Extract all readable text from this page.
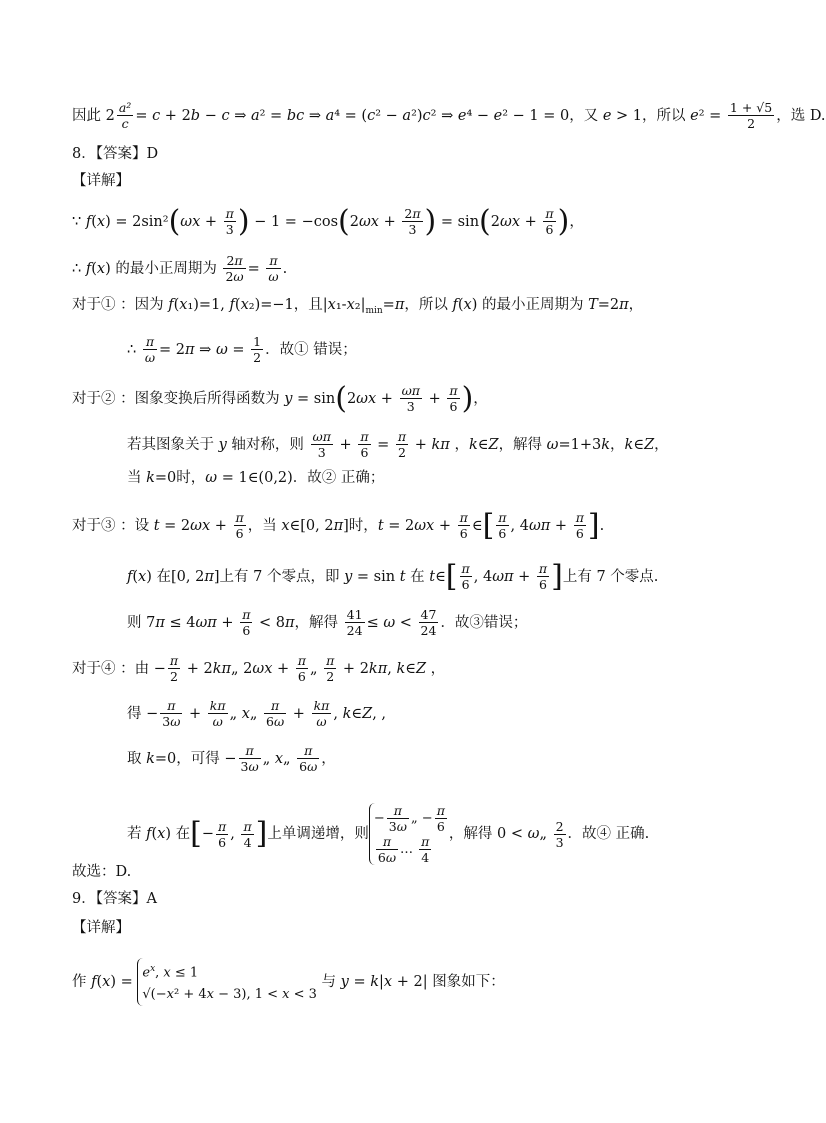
因此 $2 \frac{\text{a²}}{c} = c + 2b - c$ ⇒ a² = bc ⇒ a⁴ = (c² − a²)c² ⇒ e⁴ − e² − 1 = 0，又 e > 1，所以 $e^2 = \frac{1 + √5}{2}$ ，选 D.
8．【答案】D
【详解】
∵ $f(x) = 2\sin^2(\omega x + \frac{\pi}{3}$ ) − $1 = -\cos(2\omega x + \frac{2\pi}{3}$ ) = $\sin(2\omega x + \frac{\pi}{6}$ )，
∴ f(x) 的最小正周期为 $\frac{2\pi}{2\omega} = \frac{\pi}{\omega}$ .
对于① ：因为 f(x₁)=1, f(x₂)=−1，且$|x_1-x_2|_{min}=\pi$，所以 f(x) 的最小正周期为 T=2π，
∴ $\frac{\pi}{\omega} = 2\pi$ ⇒ $\omega = \frac{1}{2}$ ．故① 错误；
对于② ：图象变换后所得函数为 $y = \sin(2\omega x + \frac{\omega\pi}{3} + \frac{\pi}{6}$ )，
若其图象关于 y 轴对称，则 $\frac{\omega\pi}{3} + \frac{\pi}{6} = \frac{\pi}{2} + k\pi$ ，k∈Z，解得 ω=1+3k，k∈Z，
当 k=0时，ω = 1∈(0,2)．故② 正确；
对于③ ：设 $t = 2\omega x + \frac{\pi}{6}$ ，当 x∈[0, 2π]时，$t = 2\omega x + \frac{\pi}{6}$ ∈[ $\frac{\pi}{6}$ , $4\omega\pi + \frac{\pi}{6}$ ].
f(x) 在[0, 2π]上有 7 个零点，即 y = sin t 在 t∈[ $\frac{\pi}{6}$ , $4\omega\pi + \frac{\pi}{6}$ ]上有 7 个零点.
则 $7\pi \le 4\omega\pi + \frac{\pi}{6} < 8\pi$，解得 $\frac{41}{24} \le \omega < \frac{47}{24}$ ．故③错误；
对于④ ：由 − $\frac{\pi}{2}$ + 2kπ„ $2\omega x + \frac{\pi}{6}$ „ $\frac{\pi}{2} + 2k\pi$, k∈Z ，
得 − $\frac{\pi}{3\omega} + \frac{k\pi}{\omega}$ „ x„ $\frac{\pi}{6\omega} + \frac{k\pi}{\omega}$ , k∈Z, ,
取 k=0，可得 − $\frac{\pi}{3\omega}$ „ x„ $\frac{\pi}{6\omega}$ ，
若 f(x) 在[− $\frac{\pi}{6}$ , $\frac{\pi}{4}$ ]上单调递增，则
− $\frac{\pi}{3\omega}$ „ − $\frac{\pi}{6}$
$\frac{\pi}{6\omega}$ … $\frac{\pi}{4}$ ，解得 0 < ω„ $\frac{2}{3}$ ．故④ 正确.
故选：D.
9．【答案】A
【详解】
作 f(x) =
$e^x$, x ≤ 1
√(−x² + 4x − 3), 1 < x < 3
与 y = k|x + 2| 图象如下：
